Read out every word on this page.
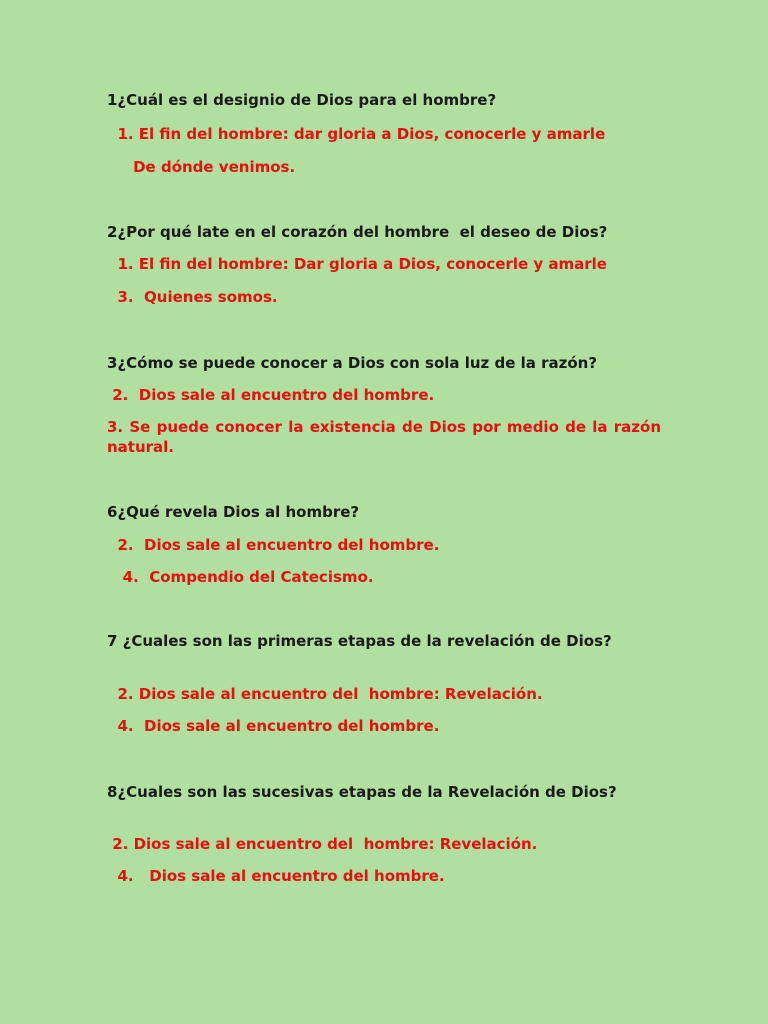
1¿Cuál es el designio de Dios para el hombre?
1. El fin del hombre: dar gloria a Dios, conocerle y amarle
De dónde venimos.
2¿Por qué late en el corazón del hombre  el deseo de Dios?
1. El fin del hombre: Dar gloria a Dios, conocerle y amarle
3.  Quienes somos.
3¿Cómo se puede conocer a Dios con sola luz de la razón?
2.  Dios sale al encuentro del hombre.
3. Se puede conocer la existencia de Dios por medio de la razón natural.
6¿Qué revela Dios al hombre?
2.  Dios sale al encuentro del hombre.
4.  Compendio del Catecismo.
7 ¿Cuales son las primeras etapas de la revelación de Dios?
2. Dios sale al encuentro del  hombre: Revelación.
4.  Dios sale al encuentro del hombre.
8¿Cuales son las sucesivas etapas de la Revelación de Dios?
2. Dios sale al encuentro del  hombre: Revelación.
4.   Dios sale al encuentro del hombre.
